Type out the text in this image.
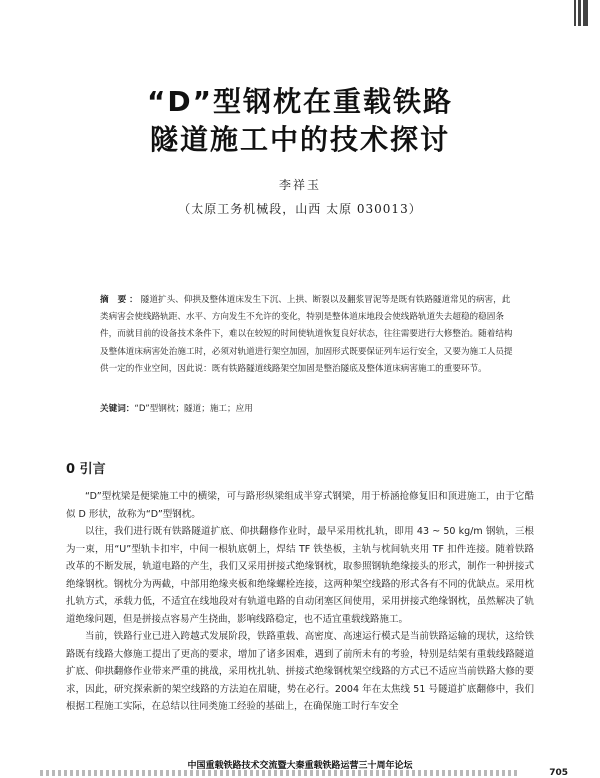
“D”型钢枕在重载铁路
隧道施工中的技术探讨
李祥玉
（太原工务机械段，山西 太原 030013）
摘 要：隧道扩头、仰拱及整体道床发生下沉、上拱、断裂以及翻浆冒泥等是既有铁路隧道常见的病害，此类病害会使线路轨距、水平、方向发生不允许的变化，特别是整体道床地段会使线路轨道失去超稳的稳固条件，而就目前的设备技术条件下，难以在较短的时间使轨道恢复良好状态，往往需要进行大修整治。随着结构及整体道床病害处治施工时，必须对轨道进行架空加固，加固形式既要保证列车运行安全，又要为施工人员提供一定的作业空间，因此说：既有铁路隧道线路架空加固是整治隧底及整体道床病害施工的重要环节。
关键词：“D”型钢枕；隧道；施工；应用
0 引言

“D”型枕梁是便梁施工中的横梁，可与路形纵梁组成半穿式钢梁，用于桥涵抢修复旧和顶进施工，由于它酷似 D 形状，故称为“D”型钢枕。

以往，我们进行既有铁路隧道扩底、仰拱翻修作业时，最早采用枕扎轨，即用 43 ~ 50 kg/m 钢轨，三根为一束，用“U”型轨卡扣牢，中间一根轨底朝上，焊结 TF 铁垫板，主轨与枕间轨夹用 TF 扣件连接。随着铁路改革的不断发展，轨道电路的产生，我们又采用拼接式绝缘钢枕，取参照钢轨绝缘接头的形式，制作一种拼接式绝缘钢枕。钢枕分为两截，中部用绝缘夹板和绝缘螺栓连接，这两种架空线路的形式各有不同的优缺点。采用枕扎轨方式，承载力低，不适宜在线地段对有轨道电路的自动闭塞区间使用，采用拼接式绝缘钢枕，虽然解决了轨道绝缘问题，但是拼接点容易产生挠曲，影响线路稳定，也不适宜重载线路施工。

当前，铁路行业已进入跨越式发展阶段，铁路重载、高密度、高速运行模式是当前铁路运输的现状，这给铁路既有线路大修施工提出了更高的要求，增加了诸多困难，遇到了前所未有的考验，特别是结架有重载线路隧道扩底、仰拱翻修作业带来严重的挑战，采用枕扎轨、拼接式绝缘钢枕架空线路的方式已不适应当前铁路大修的要求，因此，研究探索新的架空线路的方法迫在眉睫，势在必行。2004 年在太焦线 51 号隧道扩底翻修中，我们根据工程施工实际，在总结以往同类施工经验的基础上，在确保施工时行车安全

中国重载铁路技术交流暨大秦重载铁路运营三十周年论坛
705
